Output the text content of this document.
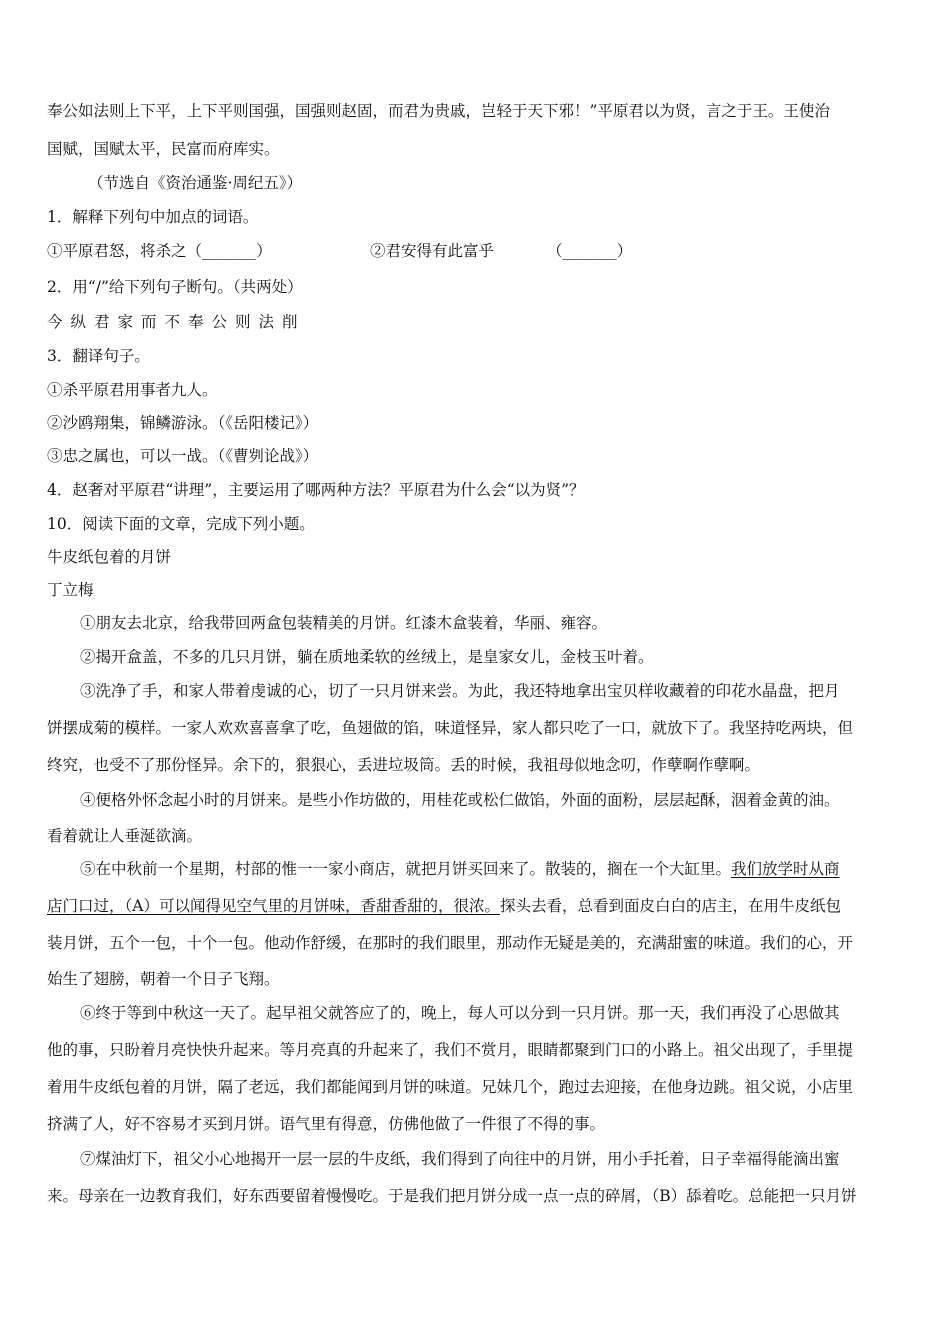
奉公如法则上下平，上下平则国强，国强则赵固，而君为贵戚，岂轻于天下邪！”平原君以为贤，言之于王。王使治
国赋，国赋太平，民富而府库实。
（节选自《资治通鉴·周纪五》）
1．解释下列句中加点的词语。
①平原君怒，将杀之（_______）	②君安得有此富乎	（_______）
2．用“/”给下列句子断句。（共两处）
今纵君家而不奉公则法削
3．翻译句子。
①杀平原君用事者九人。
②沙鸥翔集，锦鳞游泳。（《岳阳楼记》）
③忠之属也，可以一战。（《曹刿论战》）
4．赵奢对平原君“讲理”，主要运用了哪两种方法？平原君为什么会“以为贤”？
10．阅读下面的文章，完成下列小题。
牛皮纸包着的月饼
丁立梅
①朋友去北京，给我带回两盒包装精美的月饼。红漆木盒装着，华丽、雍容。
②揭开盒盖，不多的几只月饼，躺在质地柔软的丝绒上，是皇家女儿，金枝玉叶着。
③洗净了手，和家人带着虔诚的心，切了一只月饼来尝。为此，我还特地拿出宝贝样收藏着的印花水晶盘，把月
饼摆成菊的模样。一家人欢欢喜喜拿了吃，鱼翅做的馅，味道怪异，家人都只吃了一口，就放下了。我坚持吃两块，但
终究，也受不了那份怪异。余下的，狠狠心，丢进垃圾筒。丢的时候，我祖母似地念叨，作孽啊作孽啊。
④便格外怀念起小时的月饼来。是些小作坊做的，用桂花或松仁做馅，外面的面粉，层层起酥，洇着金黄的油。
看着就让人垂涎欲滴。
⑤在中秋前一个星期，村部的惟一一家小商店，就把月饼买回来了。散装的，搁在一个大缸里。我们放学时从商
店门口过，（A）可以闻得见空气里的月饼味，香甜香甜的，很浓。探头去看，总看到面皮白白的店主，在用牛皮纸包
装月饼，五个一包，十个一包。他动作舒缓，在那时的我们眼里，那动作无疑是美的，充满甜蜜的味道。我们的心，开
始生了翅膀，朝着一个日子飞翔。
⑥终于等到中秋这一天了。起早祖父就答应了的，晚上，每人可以分到一只月饼。那一天，我们再没了心思做其
他的事，只盼着月亮快快升起来。等月亮真的升起来了，我们不赏月，眼睛都聚到门口的小路上。祖父出现了，手里提
着用牛皮纸包着的月饼，隔了老远，我们都能闻到月饼的味道。兄妹几个，跑过去迎接，在他身边跳。祖父说，小店里
挤满了人，好不容易才买到月饼。语气里有得意，仿佛他做了一件很了不得的事。
⑦煤油灯下，祖父小心地揭开一层一层的牛皮纸，我们得到了向往中的月饼，用小手托着，日子幸福得能滴出蜜
来。母亲在一边教育我们，好东西要留着慢慢吃。于是我们把月饼分成一点一点的碎屑，（B）舔着吃。总能把一只月饼
